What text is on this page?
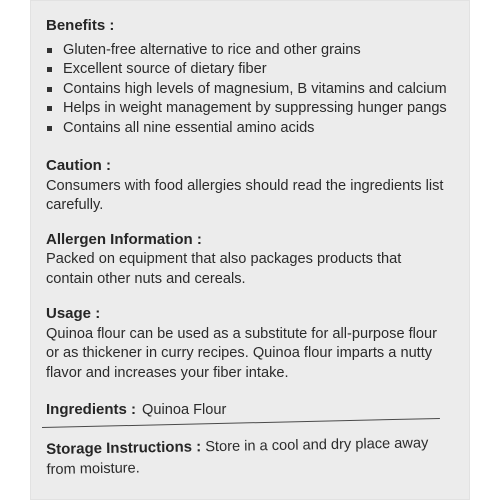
Benefits :

Gluten-free alternative to rice and other grains
Excellent source of dietary fiber
Contains high levels of magnesium, B vitamins and calcium
Helps in weight management by suppressing hunger pangs
Contains all nine essential amino acids

Caution :

Consumers with food allergies should read the ingredients list carefully.

Allergen Information :

Packed on equipment that also packages products that contain other nuts and cereals.

Usage :

Quinoa flour can be used as a substitute for all-purpose flour or as thickener in curry recipes. Quinoa flour imparts a nutty flavor and increases your fiber intake.

Ingredients : Quinoa Flour

Storage Instructions : Store in a cool and dry place away from moisture.
